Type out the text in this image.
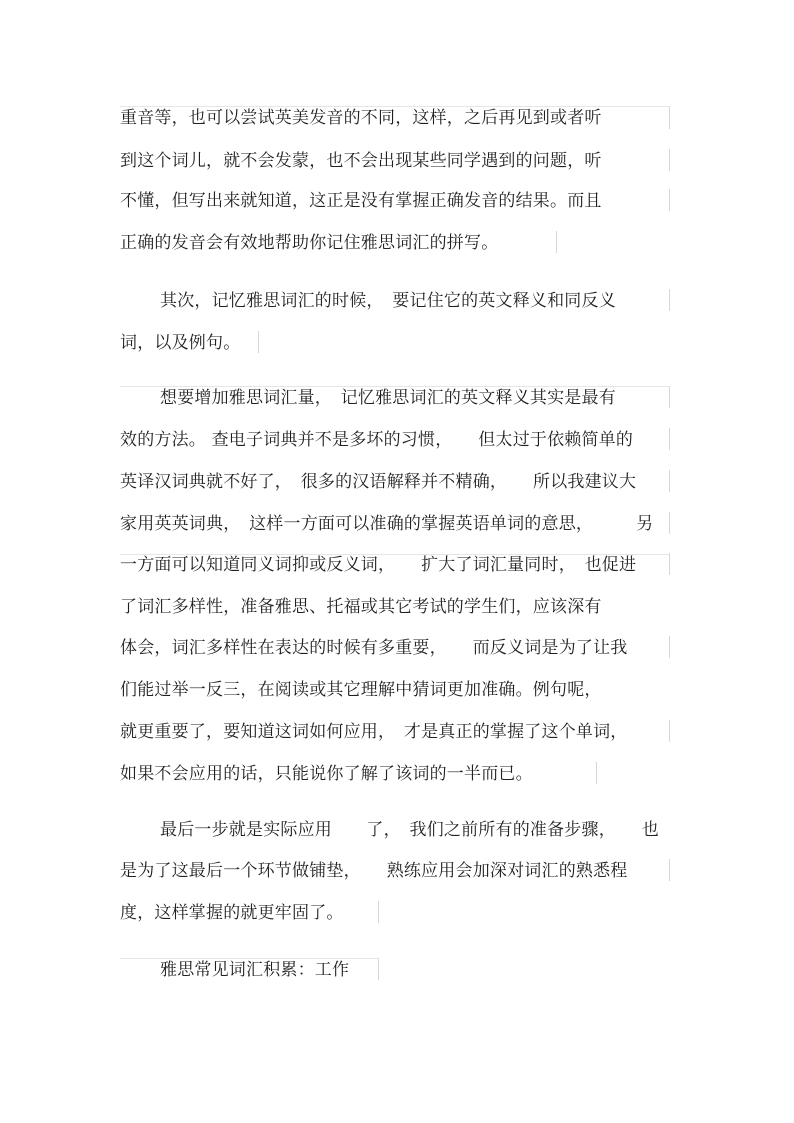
重音等，也可以尝试英美发音的不同，这样，之后再见到或者听
到这个词儿，就不会发蒙，也不会出现某些同学遇到的问题，听
不懂，但写出来就知道，这正是没有掌握正确发音的结果。而且
正确的发音会有效地帮助你记住雅思词汇的拼写。
其次，记忆雅思词汇的时候，　要记住它的英文释义和同反义
词，以及例句。
想要增加雅思词汇量，　记忆雅思词汇的英文释义其实是最有
效的方法。 查电子词典并不是多坏的习惯，　　但太过于依赖简单的
英译汉词典就不好了，　很多的汉语解释并不精确，　　所以我建议大
家用英英词典，　这样一方面可以准确的掌握英语单词的意思，　　　另
一方面可以知道同义词抑或反义词，　　扩大了词汇量同时，　也促进
了词汇多样性，准备雅思、托福或其它考试的学生们，应该深有
体会，词汇多样性在表达的时候有多重要，　　而反义词是为了让我
们能过举一反三，在阅读或其它理解中猜词更加准确。例句呢，
就更重要了，要知道这词如何应用，　才是真正的掌握了这个单词，
如果不会应用的话，只能说你了解了该词的一半而已。
最后一步就是实际应用　　了，　我们之前所有的准备步骤，　　也
是为了这最后一个环节做铺垫，　　熟练应用会加深对词汇的熟悉程
度，这样掌握的就更牢固了。
雅思常见词汇积累：工作
